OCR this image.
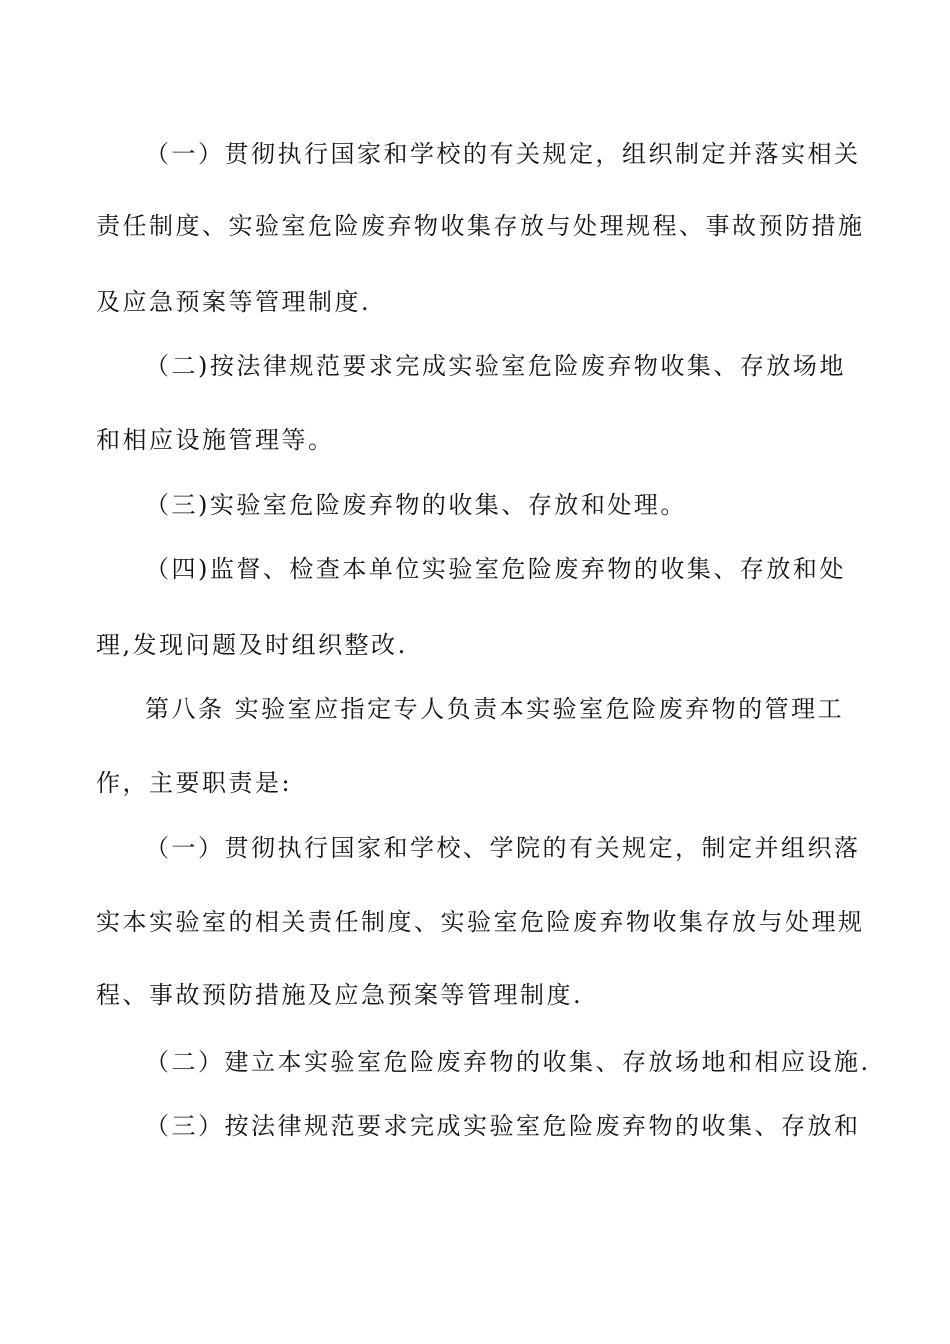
（一）贯彻执行国家和学校的有关规定，组织制定并落实相关
责任制度、实验室危险废弃物收集存放与处理规程、事故预防措施
及应急预案等管理制度.
（二)按法律规范要求完成实验室危险废弃物收集、存放场地
和相应设施管理等。
（三)实验室危险废弃物的收集、存放和处理。
（四)监督、检查本单位实验室危险废弃物的收集、存放和处
理,发现问题及时组织整改.
第八条 实验室应指定专人负责本实验室危险废弃物的管理工
作，主要职责是:
（一）贯彻执行国家和学校、学院的有关规定，制定并组织落
实本实验室的相关责任制度、实验室危险废弃物收集存放与处理规
程、事故预防措施及应急预案等管理制度.
（二）建立本实验室危险废弃物的收集、存放场地和相应设施.
（三）按法律规范要求完成实验室危险废弃物的收集、存放和
